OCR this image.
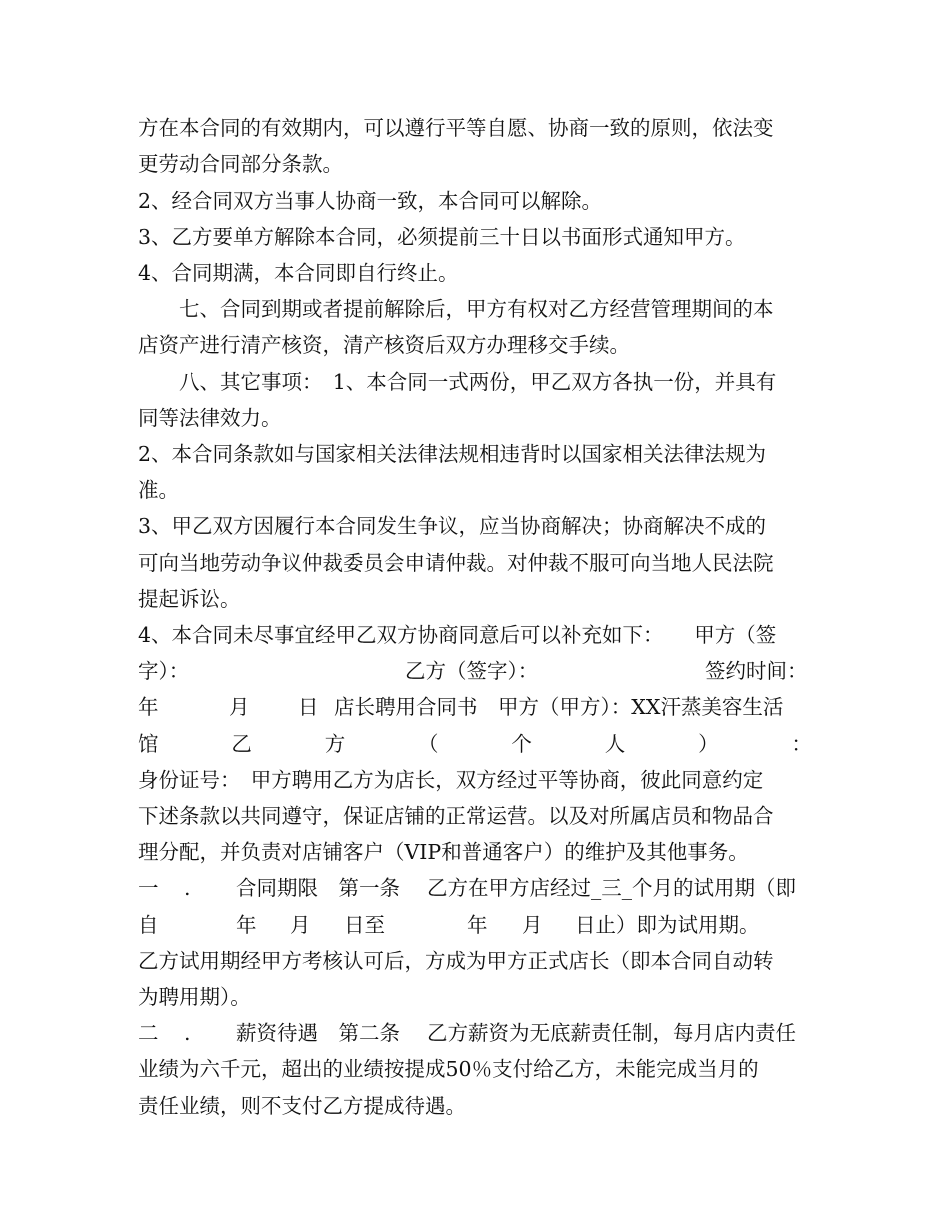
方在本合同的有效期内，可以遵行平等自愿、协商一致的原则，依法变
更劳动合同部分条款。
2、经合同双方当事人协商一致，本合同可以解除。
3、乙方要单方解除本合同，必须提前三十日以书面形式通知甲方。
4、合同期满，本合同即自行终止。
　　七、合同到期或者提前解除后，甲方有权对乙方经营管理期间的本
店资产进行清产核资，清产核资后双方办理移交手续。
　　八、其它事项：　1、本合同一式两份，甲乙双方各执一份，并具有
同等法律效力。
2、本合同条款如与国家相关法律法规相违背时以国家相关法律法规为
准。
3、甲乙双方因履行本合同发生争议，应当协商解决；协商解决不成的
可向当地劳动争议仲裁委员会申请仲裁。对仲裁不服可向当地人民法院
提起诉讼。
4、本合同未尽事宜经甲乙双方协商同意后可以补充如下：　　甲方（签
字）：	乙方（签字）：	签约时间：
年	月 日 店长聘用合同书　甲方（甲方）：XX汗蒸美容生活
馆	乙	方	（	个	人	）	：
身份证号：　甲方聘用乙方为店长，双方经过平等协商，彼此同意约定
下述条款以共同遵守，保证店铺的正常运营。以及对所属店员和物品合
理分配，并负责对店铺客户（VIP和普通客户）的维护及其他事务。
一 . 合同期限　第一条　 乙方在甲方店经过_三_个月的试用期（即
自	年 月 日至	年 月 日止）即为试用期。
乙方试用期经甲方考核认可后，方成为甲方正式店长（即本合同自动转
为聘用期）。
二 . 薪资待遇　第二条　 乙方薪资为无底薪责任制，每月店内责任
业绩为六千元，超出的业绩按提成50％支付给乙方，未能完成当月的
责任业绩，则不支付乙方提成待遇。
